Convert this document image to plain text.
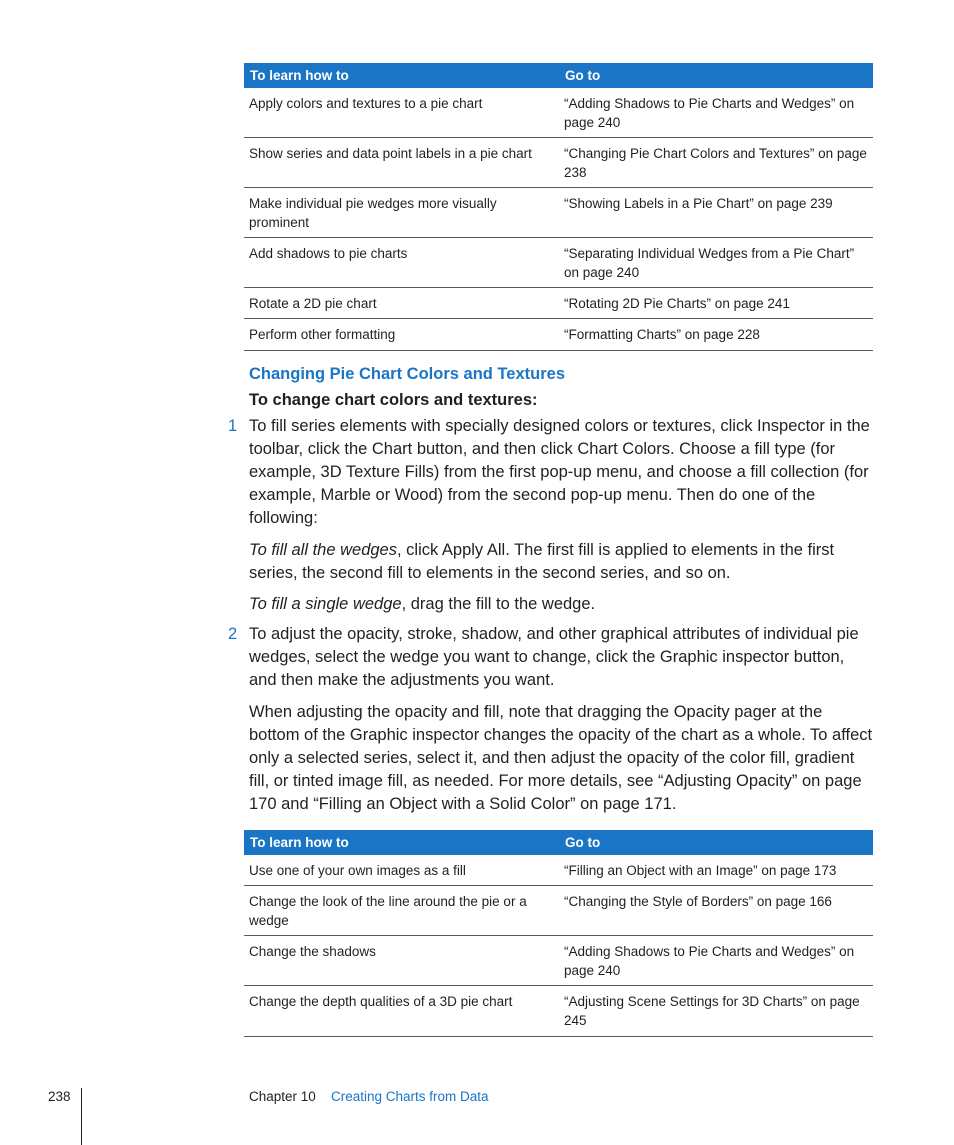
To learn how to	Go to
Apply colors and textures to a pie chart	“Adding Shadows to Pie Charts and Wedges” on page 240
Show series and data point labels in a pie chart	“Changing Pie Chart Colors and Textures” on page 238
Make individual pie wedges more visually prominent	“Showing Labels in a Pie Chart” on page 239
Add shadows to pie charts	“Separating Individual Wedges from a Pie Chart” on page 240
Rotate a 2D pie chart	“Rotating 2D Pie Charts” on page 241
Perform other formatting	“Formatting Charts” on page 228
Changing Pie Chart Colors and Textures
To change chart colors and textures:
1 To fill series elements with specially designed colors or textures, click Inspector in the toolbar, click the Chart button, and then click Chart Colors. Choose a fill type (for example, 3D Texture Fills) from the first pop-up menu, and choose a fill collection (for example, Marble or Wood) from the second pop-up menu. Then do one of the following:

To fill all the wedges, click Apply All. The first fill is applied to elements in the first series, the second fill to elements in the second series, and so on.

To fill a single wedge, drag the fill to the wedge.

2 To adjust the opacity, stroke, shadow, and other graphical attributes of individual pie wedges, select the wedge you want to change, click the Graphic inspector button, and then make the adjustments you want.

When adjusting the opacity and fill, note that dragging the Opacity pager at the bottom of the Graphic inspector changes the opacity of the chart as a whole. To affect only a selected series, select it, and then adjust the opacity of the color fill, gradient fill, or tinted image fill, as needed. For more details, see “Adjusting Opacity” on page 170 and “Filling an Object with a Solid Color” on page 171.

To learn how to	Go to
Use one of your own images as a fill	“Filling an Object with an Image” on page 173
Change the look of the line around the pie or a wedge	“Changing the Style of Borders” on page 166
Change the shadows	“Adding Shadows to Pie Charts and Wedges” on page 240
Change the depth qualities of a 3D pie chart	“Adjusting Scene Settings for 3D Charts” on page 245
238	Chapter 10 Creating Charts from Data
